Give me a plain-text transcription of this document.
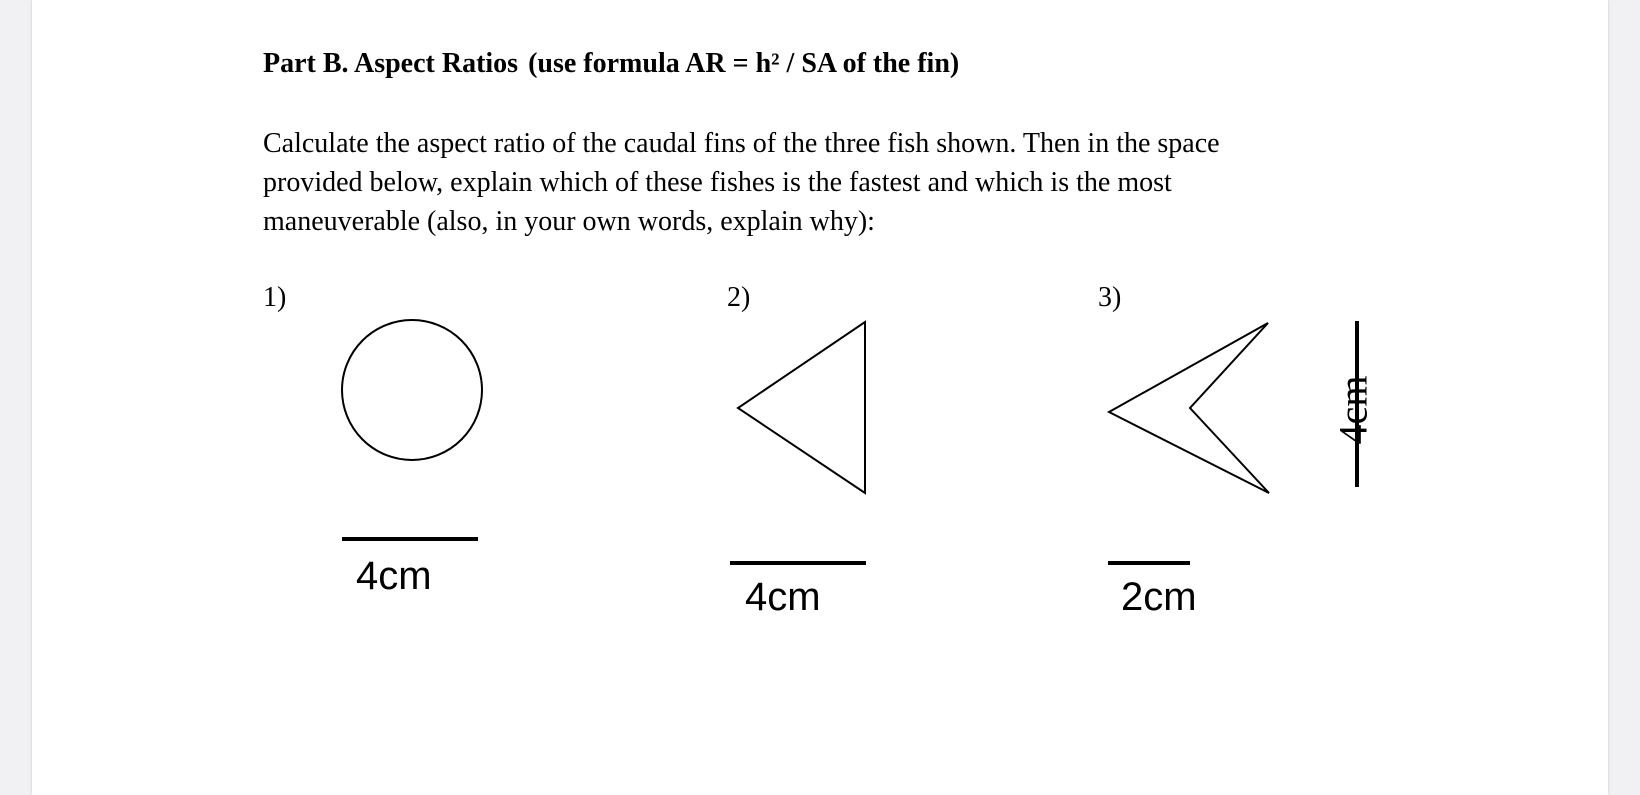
Part B. Aspect Ratios (use formula AR = h² / SA of the fin)

Calculate the aspect ratio of the caudal fins of the three fish shown. Then in the space
provided below, explain which of these fishes is the fastest and which is the most
maneuverable (also, in your own words, explain why):

1)	2)	3)
4cm	4cm	2cm
4cm
